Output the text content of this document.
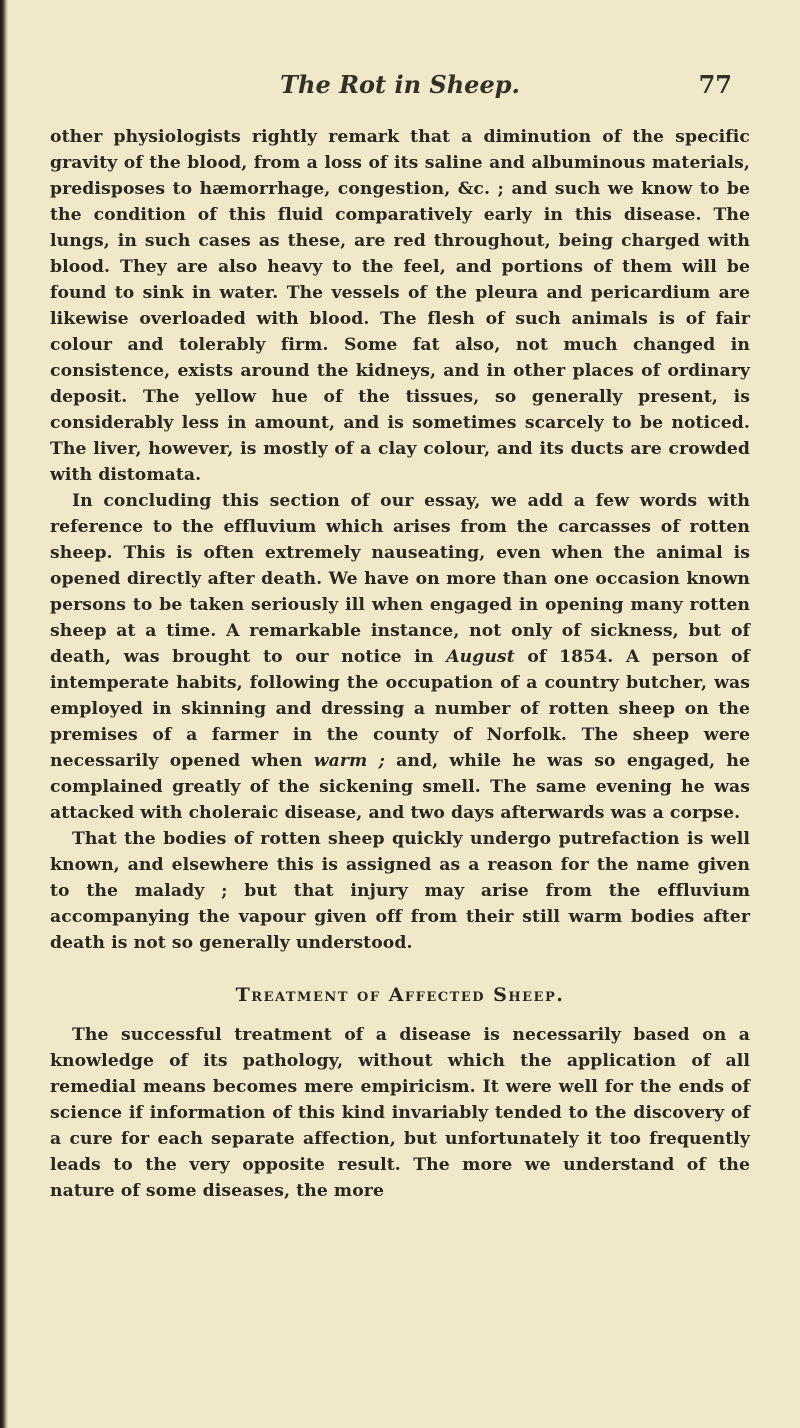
The Rot in Sheep.	77

other physiologists rightly remark that a diminution of the specific gravity of the blood, from a loss of its saline and albuminous materials, predisposes to hæmorrhage, congestion, &c. ; and such we know to be the condition of this fluid comparatively early in this disease. The lungs, in such cases as these, are red throughout, being charged with blood. They are also heavy to the feel, and portions of them will be found to sink in water. The vessels of the pleura and pericardium are likewise overloaded with blood. The flesh of such animals is of fair colour and tolerably firm. Some fat also, not much changed in consistence, exists around the kidneys, and in other places of ordinary deposit. The yellow hue of the tissues, so generally present, is considerably less in amount, and is sometimes scarcely to be noticed. The liver, however, is mostly of a clay colour, and its ducts are crowded with distomata.

In concluding this section of our essay, we add a few words with reference to the effluvium which arises from the carcasses of rotten sheep. This is often extremely nauseating, even when the animal is opened directly after death. We have on more than one occasion known persons to be taken seriously ill when engaged in opening many rotten sheep at a time. A remarkable instance, not only of sickness, but of death, was brought to our notice in August of 1854. A person of intemperate habits, following the occupation of a country butcher, was employed in skinning and dressing a number of rotten sheep on the premises of a farmer in the county of Norfolk. The sheep were necessarily opened when warm ; and, while he was so engaged, he complained greatly of the sickening smell. The same evening he was attacked with choleraic disease, and two days afterwards was a corpse.

That the bodies of rotten sheep quickly undergo putrefaction is well known, and elsewhere this is assigned as a reason for the name given to the malady ; but that injury may arise from the effluvium accompanying the vapour given off from their still warm bodies after death is not so generally understood.

Treatment of Affected Sheep.

The successful treatment of a disease is necessarily based on a knowledge of its pathology, without which the application of all remedial means becomes mere empiricism. It were well for the ends of science if information of this kind invariably tended to the discovery of a cure for each separate affection, but unfortunately it too frequently leads to the very opposite result. The more we understand of the nature of some diseases, the more
